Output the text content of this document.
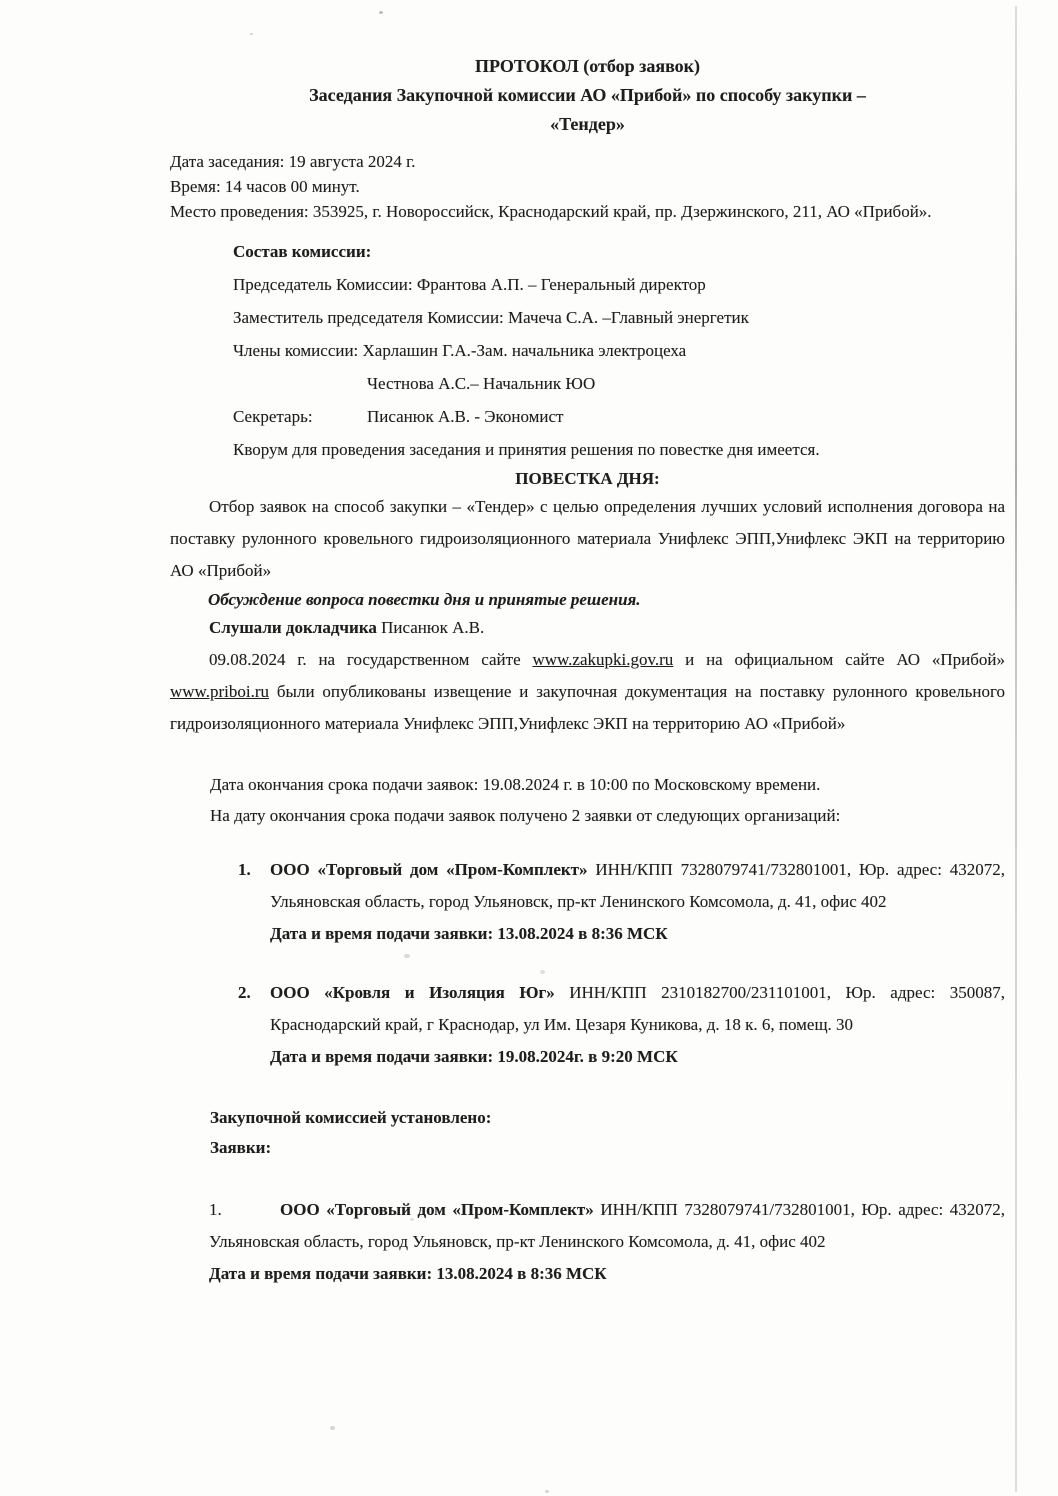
ПРОТОКОЛ (отбор заявок)

Заседания Закупочной комиссии АО «Прибой» по способу закупки –

«Тендер»

Дата заседания: 19 августа 2024 г.

Время: 14 часов 00 минут.

Место проведения: 353925, г. Новороссийск, Краснодарский край, пр. Дзержинского, 211, АО «Прибой».

Состав комиссии:

Председатель Комиссии: Франтова А.П. – Генеральный директор

Заместитель председателя Комиссии: Мачеча С.А. –Главный энергетик

Члены комиссии: Харлашин Г.А.-Зам. начальника электроцеха

Честнова А.С.– Начальник ЮО

Секретарь:	Писанюк А.В. - Экономист

Кворум для проведения заседания и принятия решения по повестке дня имеется.

ПОВЕСТКА ДНЯ:

Отбор заявок на способ закупки – «Тендер» с целью определения лучших условий исполнения договора на поставку рулонного кровельного гидроизоляционного материала Унифлекс ЭПП,Унифлекс ЭКП на территорию АО «Прибой»

Обсуждение вопроса повестки дня и принятые решения.

Слушали докладчика Писанюк А.В.

09.08.2024 г. на государственном сайте www.zakupki.gov.ru и на официальном сайте АО «Прибой» www.priboi.ru были опубликованы извещение и закупочная документация на поставку рулонного кровельного гидроизоляционного материала Унифлекс ЭПП,Унифлекс ЭКП на территорию АО «Прибой»

Дата окончания срока подачи заявок: 19.08.2024 г. в 10:00 по Московскому времени.

На дату окончания срока подачи заявок получено 2 заявки от следующих организаций:

1. ООО «Торговый дом «Пром-Комплект» ИНН/КПП 7328079741/732801001, Юр. адрес: 432072, Ульяновская область, город Ульяновск, пр-кт Ленинского Комсомола, д. 41, офис 402

Дата и время подачи заявки: 13.08.2024 в 8:36 МСК

2. ООО «Кровля и Изоляция Юг» ИНН/КПП 2310182700/231101001, Юр. адрес: 350087, Краснодарский край, г Краснодар, ул Им. Цезаря Куникова, д. 18 к. 6, помещ. 30

Дата и время подачи заявки: 19.08.2024г. в 9:20 МСК

Закупочной комиссией установлено:

Заявки:

1.	ООО «Торговый дом «Пром-Комплект» ИНН/КПП 7328079741/732801001, Юр. адрес: 432072, Ульяновская область, город Ульяновск, пр-кт Ленинского Комсомола, д. 41, офис 402

Дата и время подачи заявки: 13.08.2024 в 8:36 МСК
